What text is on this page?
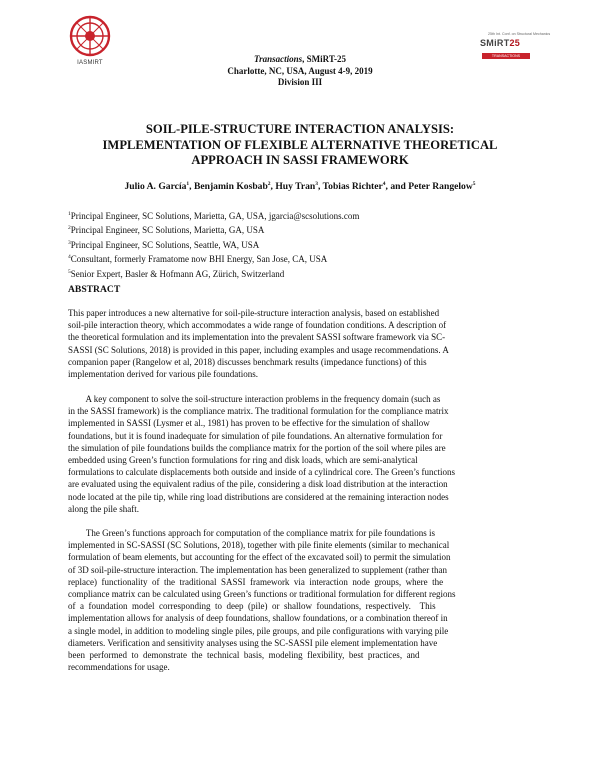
IASMIRT
25th Int. Conf. on Structural Mechanics
SMiRT25
TRANSACTIONS
Transactions, SMiRT-25
Charlotte, NC, USA, August 4-9, 2019
Division III
SOIL-PILE-STRUCTURE INTERACTION ANALYSIS:
IMPLEMENTATION OF FLEXIBLE ALTERNATIVE THEORETICAL
APPROACH IN SASSI FRAMEWORK
Julio A. García$^1$, Benjamin Kosbab$^2$, Huy Tran$^3$, Tobias Richter$^4$, and Peter Rangelow$^5$
$^1$Principal Engineer, SC Solutions, Marietta, GA, USA, jgarcia@scsolutions.com
$^2$Principal Engineer, SC Solutions, Marietta, GA, USA
$^3$Principal Engineer, SC Solutions, Seattle, WA, USA
$^4$Consultant, formerly Framatome now BHI Energy, San Jose, CA, USA
$^5$Senior Expert, Basler & Hofmann AG, Zürich, Switzerland
ABSTRACT
This paper introduces a new alternative for soil-pile-structure interaction analysis, based on established
soil-pile interaction theory, which accommodates a wide range of foundation conditions. A description of
the theoretical formulation and its implementation into the prevalent SASSI software framework via SC-
SASSI (SC Solutions, 2018) is provided in this paper, including examples and usage recommendations. A
companion paper (Rangelow et al, 2018) discusses benchmark results (impedance functions) of this
implementation derived for various pile foundations.
A key component to solve the soil-structure interaction problems in the frequency domain (such as
in the SASSI framework) is the compliance matrix. The traditional formulation for the compliance matrix
implemented in SASSI (Lysmer et al., 1981) has proven to be effective for the simulation of shallow
foundations, but it is found inadequate for simulation of pile foundations. An alternative formulation for
the simulation of pile foundations builds the compliance matrix for the portion of the soil where piles are
embedded using Green’s function formulations for ring and disk loads, which are semi-analytical
formulations to calculate displacements both outside and inside of a cylindrical core. The Green’s functions
are evaluated using the equivalent radius of the pile, considering a disk load distribution at the interaction
node located at the pile tip, while ring load distributions are considered at the remaining interaction nodes
along the pile shaft.
The Green’s functions approach for computation of the compliance matrix for pile foundations is
implemented in SC-SASSI (SC Solutions, 2018), together with pile finite elements (similar to mechanical
formulation of beam elements, but accounting for the effect of the excavated soil) to permit the simulation
of 3D soil-pile-structure interaction. The implementation has been generalized to supplement (rather than
replace)  functionality  of  the  traditional  SASSI  framework  via  interaction  node  groups,  where  the
compliance matrix can be calculated using Green’s functions or traditional formulation for different regions
of  a  foundation  model  corresponding  to  deep  (pile)  or  shallow  foundations,  respectively.    This
implementation allows for analysis of deep foundations, shallow foundations, or a combination thereof in
a single model, in addition to modeling single piles, pile groups, and pile configurations with varying pile
diameters. Verification and sensitivity analyses using the SC-SASSI pile element implementation have
been  performed  to  demonstrate  the  technical  basis,  modeling  flexibility,  best  practices,  and
recommendations for usage.
